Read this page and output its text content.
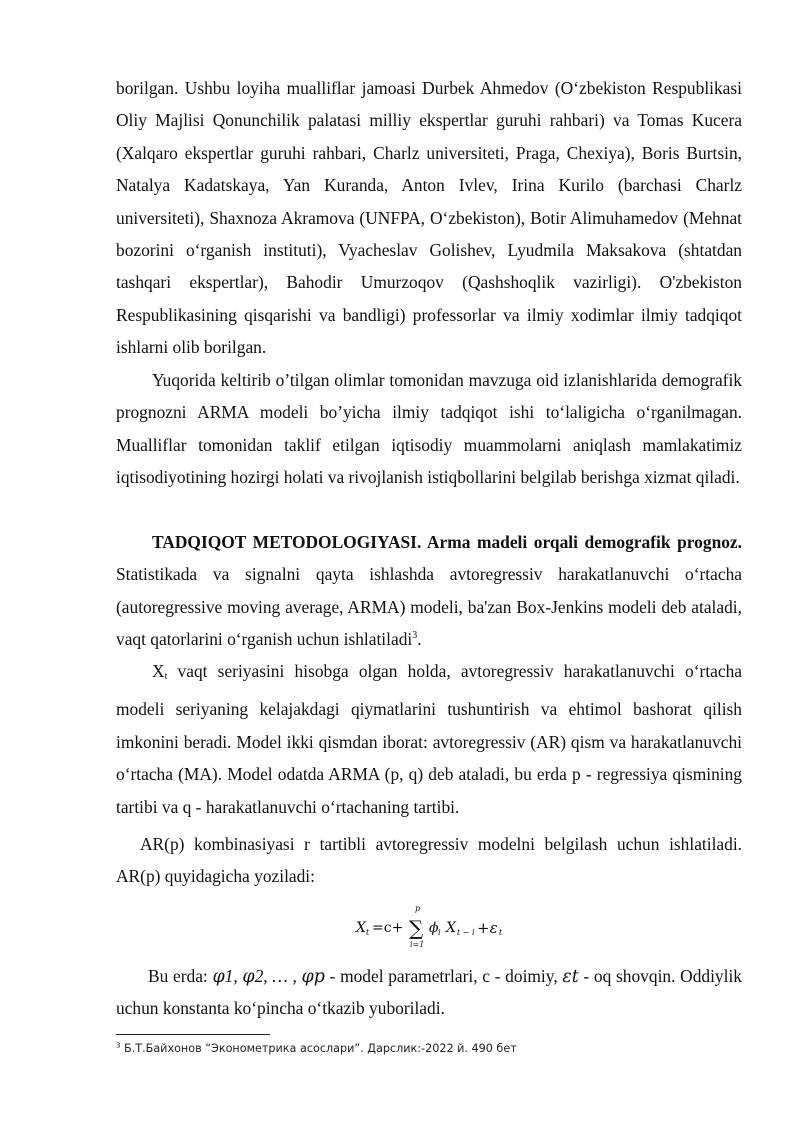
borilgan. Ushbu loyiha mualliflar jamoasi Durbek Ahmedov (O‘zbekiston Respublikasi Oliy Majlisi Qonunchilik palatasi milliy ekspertlar guruhi rahbari) va Tomas Kucera (Xalqaro ekspertlar guruhi rahbari, Charlz universiteti, Praga, Chexiya), Boris Burtsin, Natalya Kadatskaya, Yan Kuranda, Anton Ivlev, Irina Kurilo (barchasi Charlz universiteti), Shaxnoza Akramova (UNFPA, O‘zbekiston), Botir Alimuhamedov (Mehnat bozorini o‘rganish instituti), Vyacheslav Golishev, Lyudmila Maksakova (shtatdan tashqari ekspertlar), Bahodir Umurzoqov (Qashshoqlik vazirligi). O'zbekiston Respublikasining qisqarishi va bandligi) professorlar va ilmiy xodimlar ilmiy tadqiqot ishlarni olib borilgan.

Yuqorida keltirib o’tilgan olimlar tomonidan mavzuga oid izlanishlarida demografik prognozni ARMA modeli bo’yicha ilmiy tadqiqot ishi to‘laligicha o‘rganilmagan. Mualliflar tomonidan taklif etilgan iqtisodiy muammolarni aniqlash mamlakatimiz iqtisodiyotining hozirgi holati va rivojlanish istiqbollarini belgilab berishga xizmat qiladi.

TADQIQOT METODOLOGIYASI. Arma madeli orqali demografik prognoz. Statistikada va signalni qayta ishlashda avtoregressiv harakatlanuvchi o‘rtacha (autoregressive moving average, ARMA) modeli, ba'zan Box-Jenkins modeli deb ataladi, vaqt qatorlarini o‘rganish uchun ishlatiladi$^3$.

Xt vaqt seriyasini hisobga olgan holda, avtoregressiv harakatlanuvchi o‘rtacha modeli seriyaning kelajakdagi qiymatlarini tushuntirish va ehtimol bashorat qilish imkonini beradi. Model ikki qismdan iborat: avtoregressiv (AR) qism va harakatlanuvchi o‘rtacha (MA). Model odatda ARMA (p, q) deb ataladi, bu erda p - regressiya qismining tartibi va q - harakatlanuvchi o‘rtachaning tartibi.

AR(p) kombinasiyasi r tartibli avtoregressiv modelni belgilash uchun ishlatiladi. AR(p) quyidagicha yoziladi:

X t =c+ ∑
p
i=1
ϕ i X t − i +ε t

Bu erda: 𝜑1, 𝜑2, … , 𝜑𝑝 - model parametrlari, c - doimiy, 𝜀𝑡 - oq shovqin. Oddiylik uchun konstanta ko‘pincha o‘tkazib yuboriladi.

$^3$ Б.Т.Байхонов “Эконометрика асослари”. Дарслик:-2022 й. 490 бет
